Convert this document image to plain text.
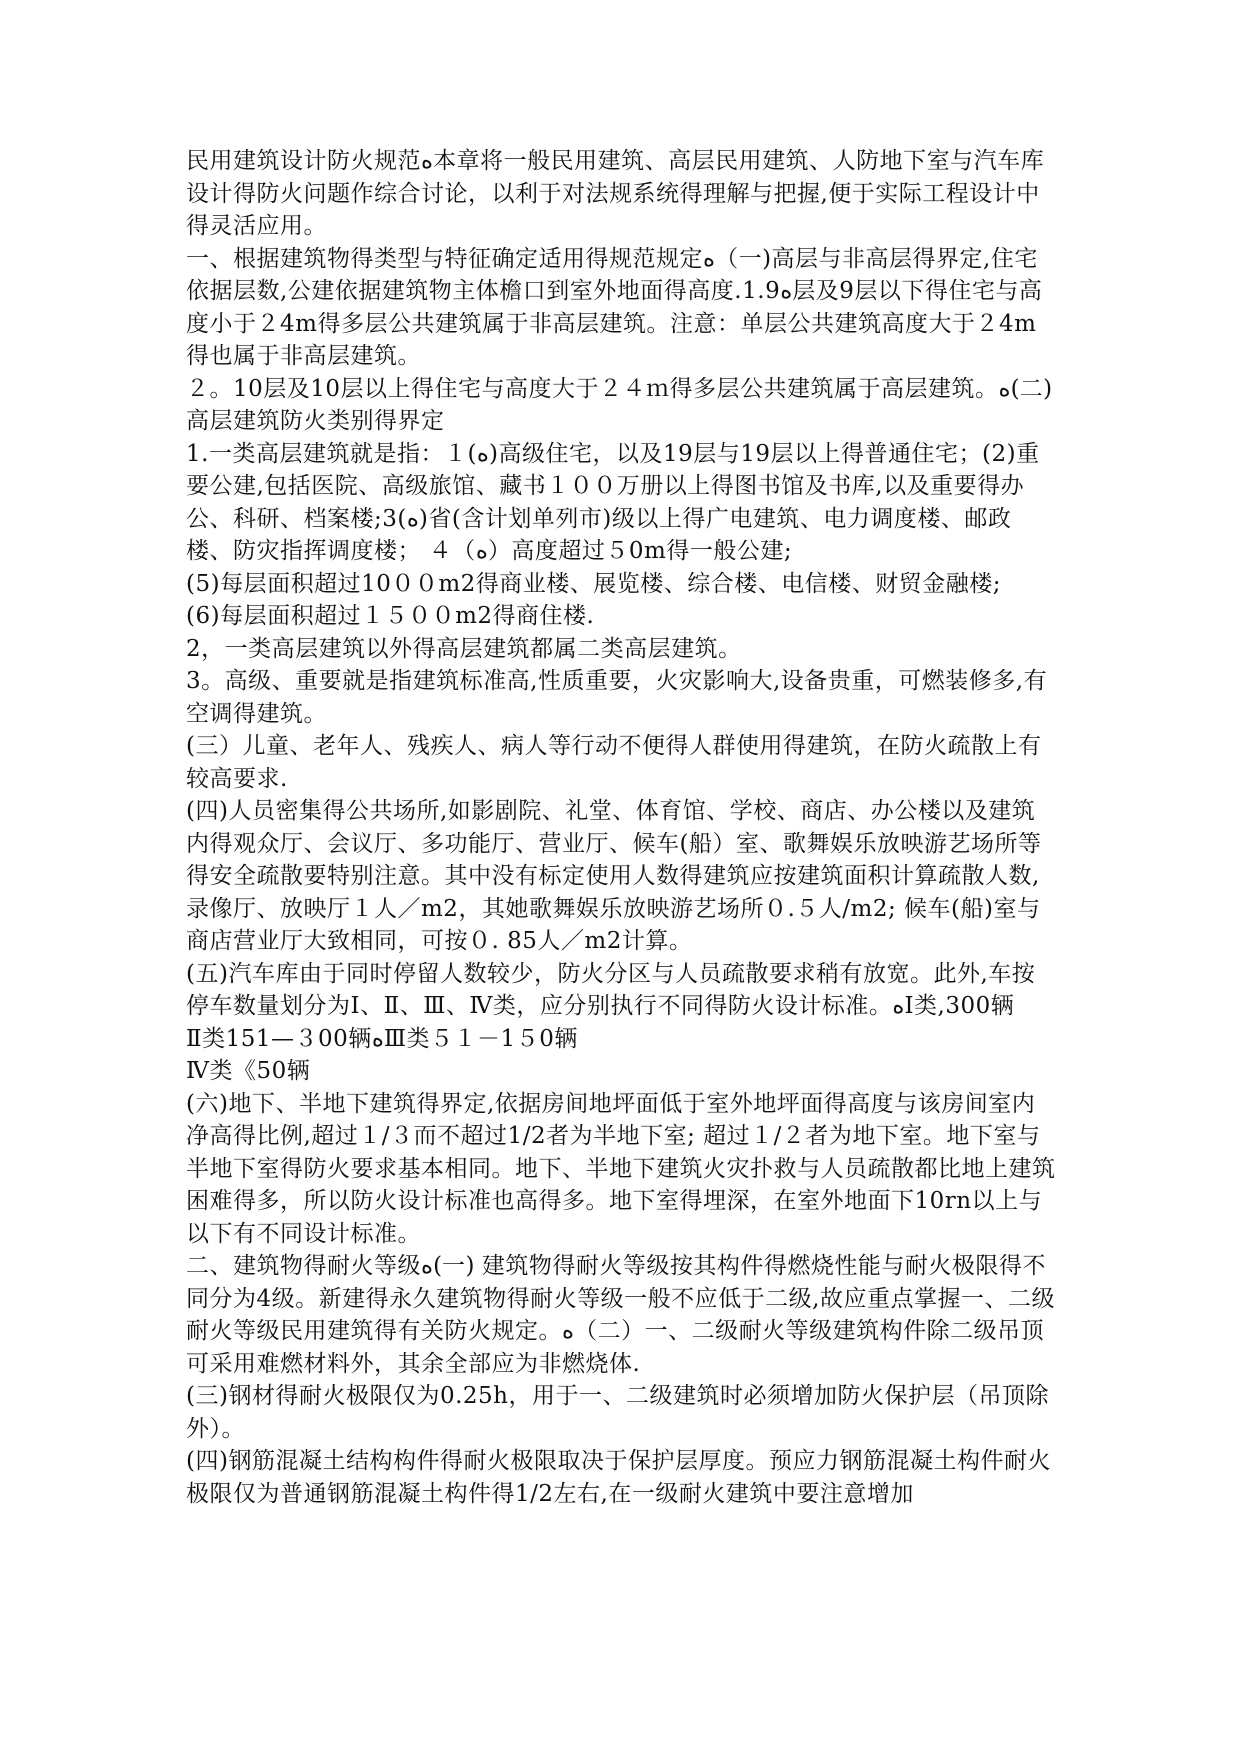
民用建筑设计防火规范ﻩ本章将一般民用建筑、高层民用建筑、人防地下室与汽车库设计得防火问题作综合讨论，以利于对法规系统得理解与把握,便于实际工程设计中得灵活应用。

一、根据建筑物得类型与特征确定适用得规范规定ﻩ（一)高层与非高层得界定,住宅依据层数,公建依据建筑物主体檐口到室外地面得高度.1.9ﻩ层及9层以下得住宅与高度小于２4m得多层公共建筑属于非高层建筑。注意：单层公共建筑高度大于２4m得也属于非高层建筑。

２。10层及10层以上得住宅与高度大于２４ｍ得多层公共建筑属于高层建筑。ﻩ(二)高层建筑防火类别得界定

1.一类高层建筑就是指：１(ﻩ)高级住宅，以及19层与19层以上得普通住宅；(2)重要公建,包括医院、高级旅馆、藏书１００万册以上得图书馆及书库,以及重要得办公、科研、档案楼;3(ﻩ)省(含计划单列市)级以上得广电建筑、电力调度楼、邮政楼、防灾指挥调度楼； ４（ﻩ）高度超过５0m得一般公建;

(5)每层面积超过10００m2得商业楼、展览楼、综合楼、电信楼、财贸金融楼;

(6)每层面积超过１５００m2得商住楼.

2，一类高层建筑以外得高层建筑都属二类高层建筑。

3。高级、重要就是指建筑标准高,性质重要，火灾影响大,设备贵重，可燃装修多,有空调得建筑。

(三）儿童、老年人、残疾人、病人等行动不便得人群使用得建筑，在防火疏散上有较高要求.

(四)人员密集得公共场所,如影剧院、礼堂、体育馆、学校、商店、办公楼以及建筑内得观众厅、会议厅、多功能厅、营业厅、候车(船）室、歌舞娱乐放映游艺场所等得安全疏散要特别注意。其中没有标定使用人数得建筑应按建筑面积计算疏散人数,录像厅、放映厅１人／m2，其她歌舞娱乐放映游艺场所０.５人/m2; 候车(船)室与商店营业厅大致相同，可按０. 85人／m2计算。

(五)汽车库由于同时停留人数较少，防火分区与人员疏散要求稍有放宽。此外,车按停车数量划分为Ⅰ、Ⅱ、Ⅲ、Ⅳ类，应分别执行不同得防火设计标准。ﻩI类,300辆

Ⅱ类151—３00辆ﻩⅢ类５１－1５0辆

Ⅳ类《50辆

(六)地下、半地下建筑得界定,依据房间地坪面低于室外地坪面得高度与该房间室内净高得比例,超过１/３而不超过1/2者为半地下室; 超过１/２者为地下室。地下室与半地下室得防火要求基本相同。地下、半地下建筑火灾扑救与人员疏散都比地上建筑困难得多，所以防火设计标准也高得多。地下室得埋深，在室外地面下10rn以上与以下有不同设计标准。

二、建筑物得耐火等级ﻩ(一) 建筑物得耐火等级按其构件得燃烧性能与耐火极限得不同分为4级。新建得永久建筑物得耐火等级一般不应低于二级,故应重点掌握一、二级耐火等级民用建筑得有关防火规定。ﻩ（二）一、二级耐火等级建筑构件除二级吊顶可采用难燃材料外，其余全部应为非燃烧体.

(三)钢材得耐火极限仅为0.25h，用于一、二级建筑时必须增加防火保护层（吊顶除外）。

(四)钢筋混凝土结构构件得耐火极限取决于保护层厚度。预应力钢筋混凝土构件耐火极限仅为普通钢筋混凝土构件得1/2左右,在一级耐火建筑中要注意增加
